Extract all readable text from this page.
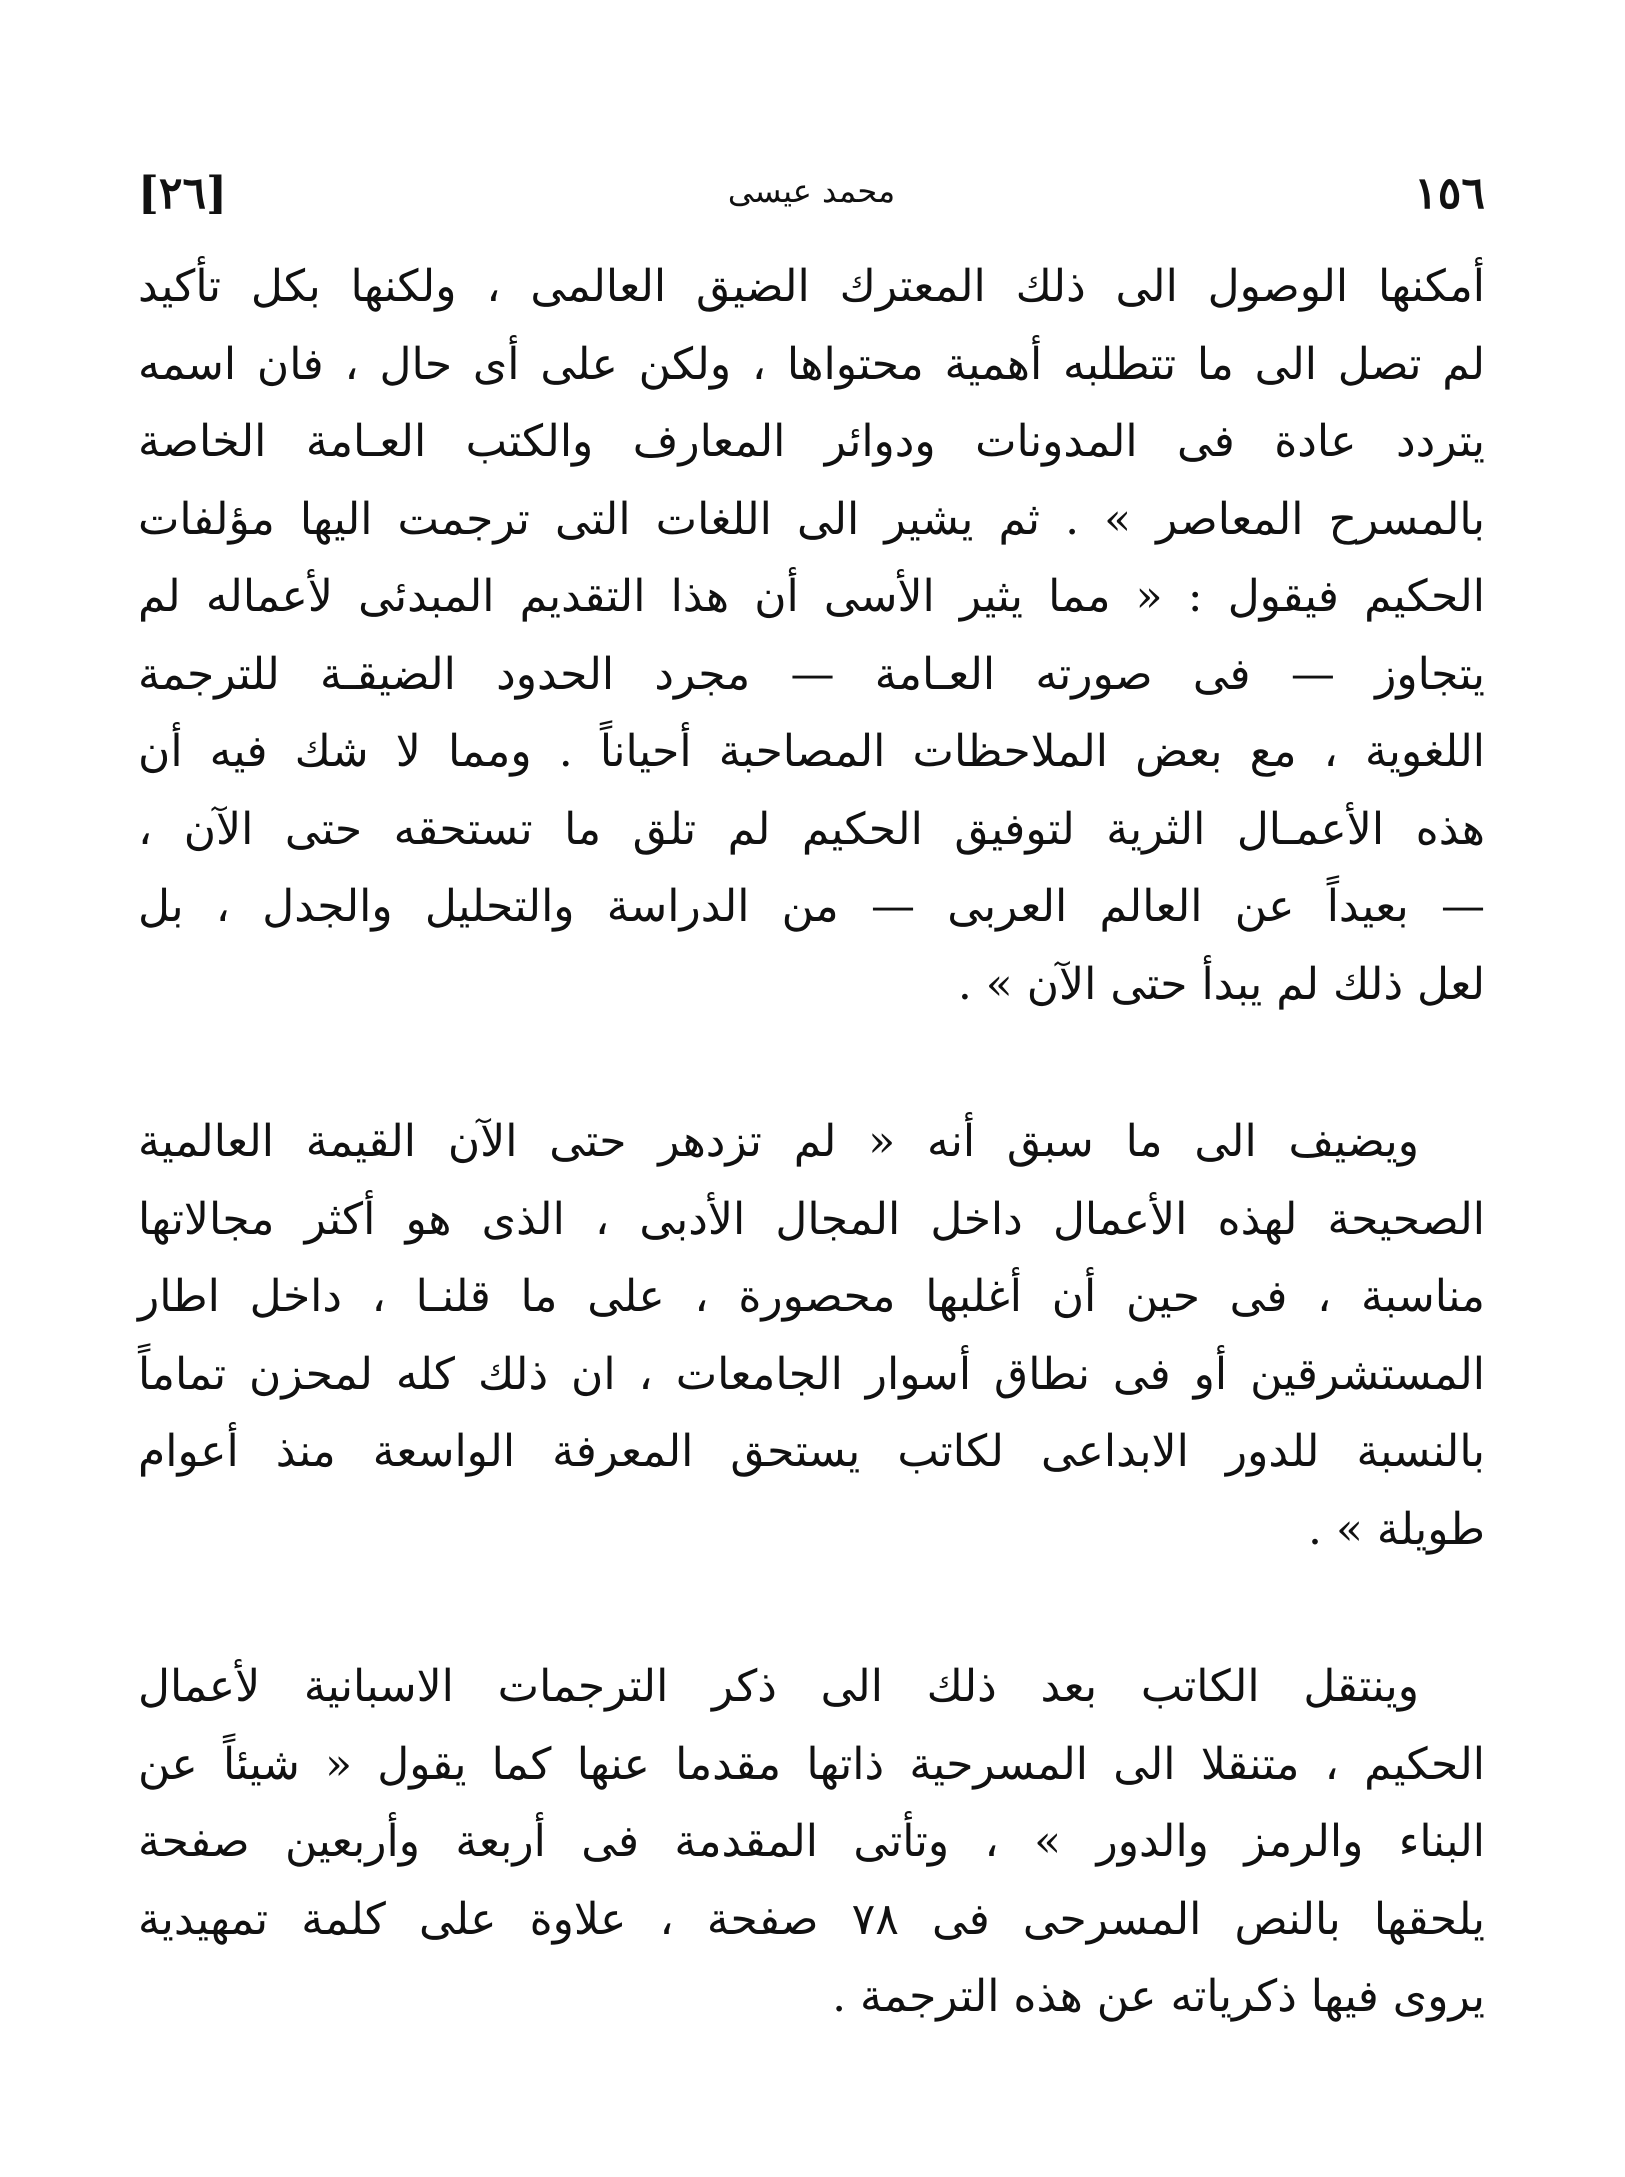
[٢٦]	محمد عيسى	١٥٦
أمكنها الوصول الى ذلك المعترك الضيق العالمى ، ولكنها بكل تأكيد
لم تصل الى ما تتطلبه أهمية محتواها ، ولكن على أى حال ، فان اسمه
يتردد عادة فى المدونات ودوائر المعارف والكتب العـامة الخاصة
بالمسرح المعاصر » . ثم يشير الى اللغات التى ترجمت اليها مؤلفات
الحكيم فيقول : « مما يثير الأسى أن هذا التقديم المبدئى لأعماله لم
يتجاوز — فى صورته العـامة — مجرد الحدود الضيقـة للترجمة
اللغوية ، مع بعض الملاحظات المصاحبة أحياناً . ومما لا شك فيه أن
هذه الأعمـال الثرية لتوفيق الحكيم لم تلق ما تستحقه حتى الآن ،
— بعيداً عن العالم العربى — من الدراسة والتحليل والجدل ، بل
لعل ذلك لم يبدأ حتى الآن » .
ويضيف الى ما سبق أنه « لم تزدهر حتى الآن القيمة العالمية
الصحيحة لهذه الأعمال داخل المجال الأدبى ، الذى هو أكثر مجالاتها
مناسبة ، فى حين أن أغلبها محصورة ، على ما قلنـا ، داخل اطار
المستشرقين أو فى نطاق أسوار الجامعات ، ان ذلك كله لمحزن تماماً
بالنسبة للدور الابداعى لكاتب يستحق المعرفة الواسعة منذ أعوام
طويلة » .
وينتقل الكاتب بعد ذلك الى ذكر الترجمات الاسبانية لأعمال
الحكيم ، متنقلا الى المسرحية ذاتها مقدما عنها كما يقول « شيئاً عن
البناء والرمز والدور » ، وتأتى المقدمة فى أربعة وأربعين صفحة
يلحقها بالنص المسرحى فى ٧٨ صفحة ، علاوة على كلمة تمهيدية
يروى فيها ذكرياته عن هذه الترجمة .
